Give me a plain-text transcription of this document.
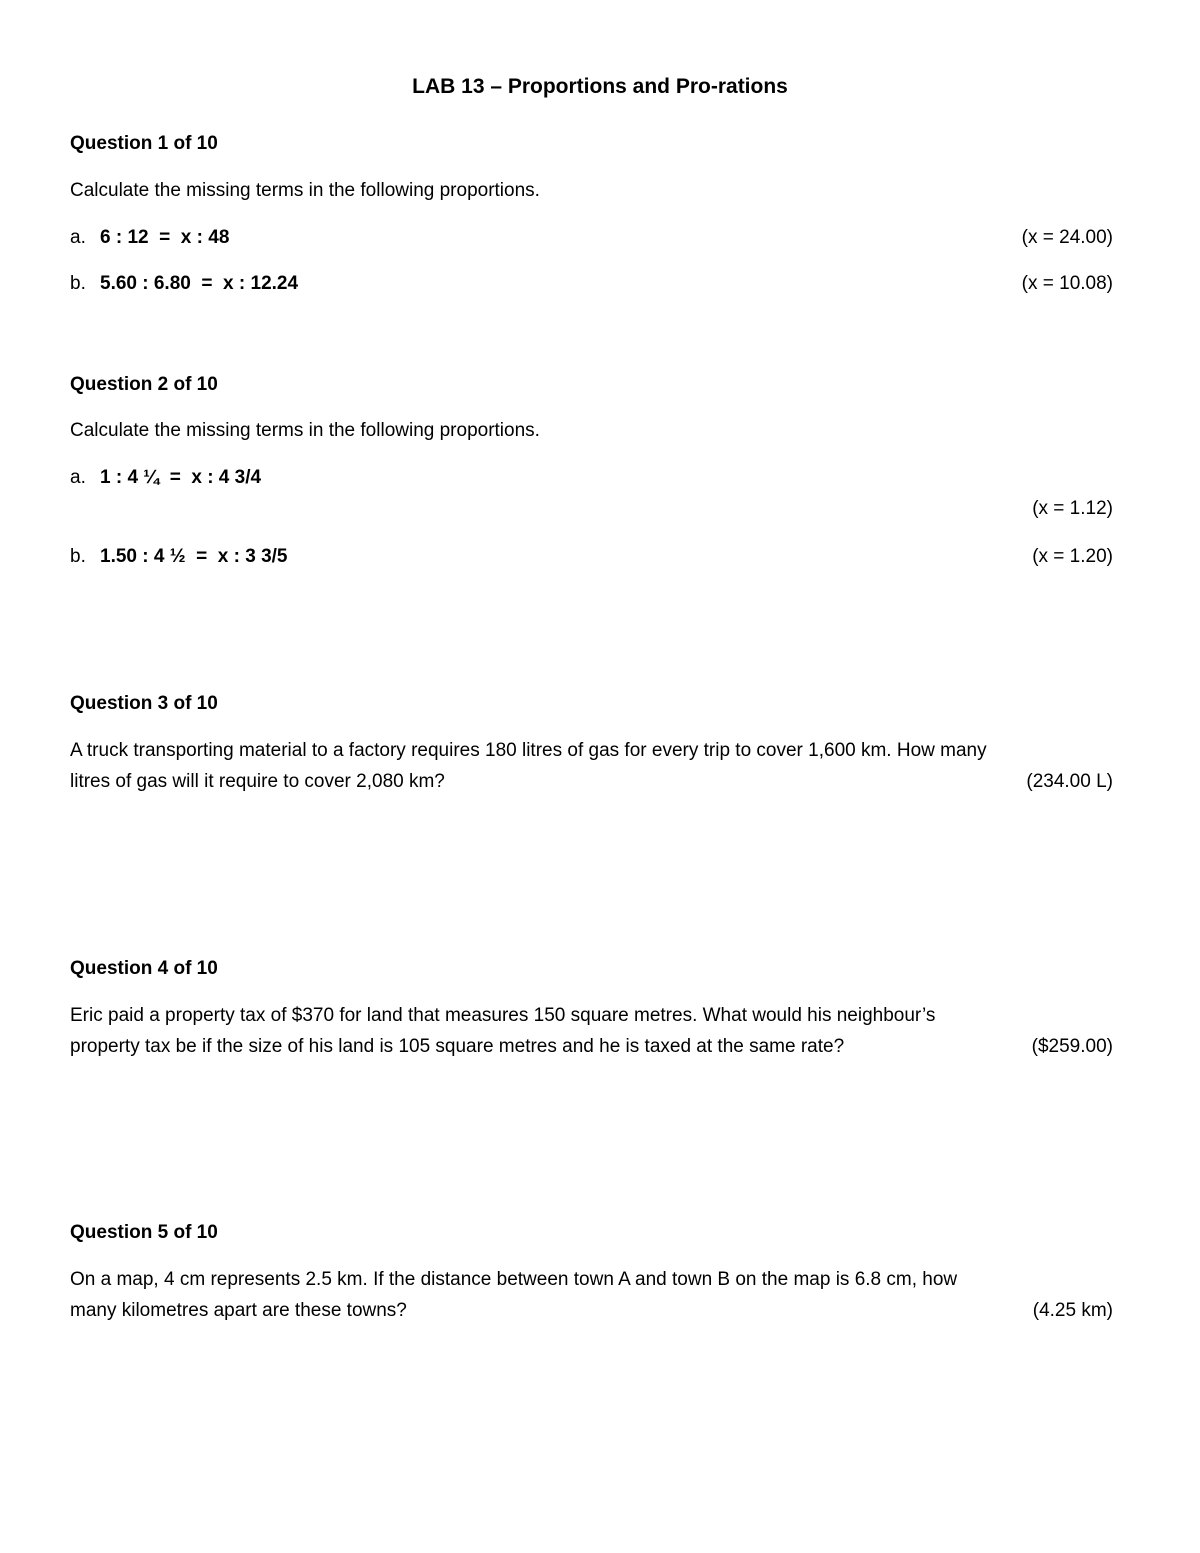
LAB 13 – Proportions and Pro-rations
Question 1 of 10
Calculate the missing terms in the following proportions.
a. 6 : 12  =  x : 48	(x = 24.00)
b. 5.60 : 6.80  =  x : 12.24	(x = 10.08)
Question 2 of 10
Calculate the missing terms in the following proportions.
a. 1 : 4 ¼  =  x : 4 3/4
(x = 1.12)
b. 1.50 : 4 ½  =  x : 3 3/5	(x = 1.20)
Question 3 of 10
A truck transporting material to a factory requires 180 litres of gas for every trip to cover 1,600 km. How many
litres of gas will it require to cover 2,080 km?	(234.00 L)
Question 4 of 10
Eric paid a property tax of $370 for land that measures 150 square metres. What would his neighbour’s
property tax be if the size of his land is 105 square metres and he is taxed at the same rate?	($259.00)
Question 5 of 10
On a map, 4 cm represents 2.5 km. If the distance between town A and town B on the map is 6.8 cm, how
many kilometres apart are these towns?	(4.25 km)
